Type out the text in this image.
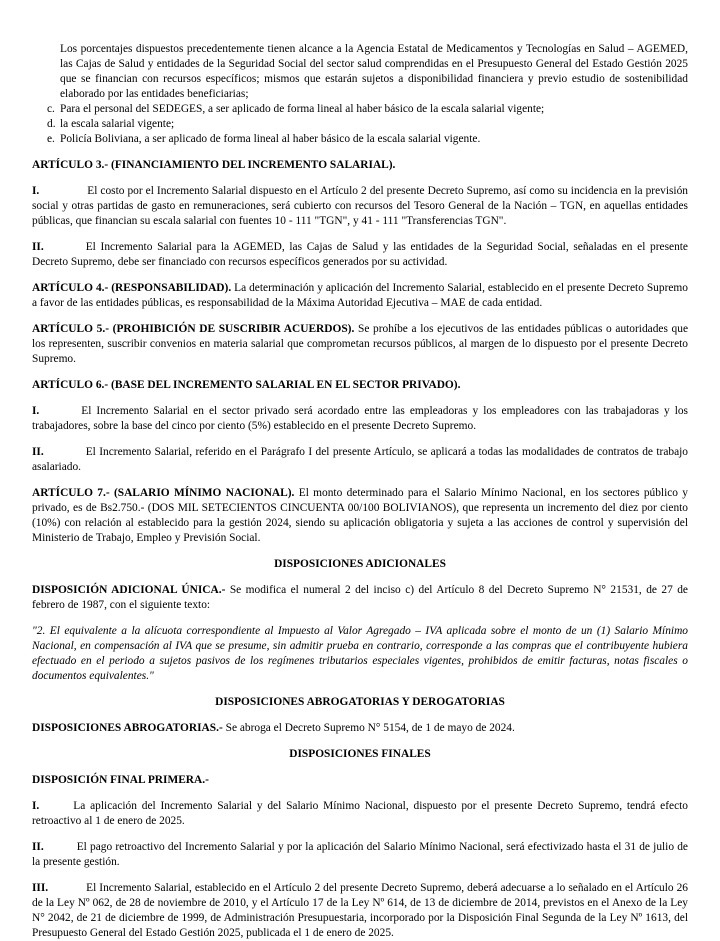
Los porcentajes dispuestos precedentemente tienen alcance a la Agencia Estatal de Medicamentos y Tecnologías en Salud – AGEMED, las Cajas de Salud y entidades de la Seguridad Social del sector salud comprendidas en el Presupuesto General del Estado Gestión 2025 que se financian con recursos específicos; mismos que estarán sujetos a disponibilidad financiera y previo estudio de sostenibilidad elaborado por las entidades beneficiarias;

c. Para el personal del SEDEGES, a ser aplicado de forma lineal al haber básico de la escala salarial vigente;
d. la escala salarial vigente;
e. Policía Boliviana, a ser aplicado de forma lineal al haber básico de la escala salarial vigente.

ARTÍCULO 3.- (FINANCIAMIENTO DEL INCREMENTO SALARIAL).

I.	El costo por el Incremento Salarial dispuesto en el Artículo 2 del presente Decreto Supremo, así como su incidencia en la previsión social y otras partidas de gasto en remuneraciones, será cubierto con recursos del Tesoro General de la Nación – TGN, en aquellas entidades públicas, que financian su escala salarial con fuentes 10 - 111 "TGN", y 41 - 111 "Transferencias TGN".

II.	El Incremento Salarial para la AGEMED, las Cajas de Salud y las entidades de la Seguridad Social, señaladas en el presente Decreto Supremo, debe ser financiado con recursos específicos generados por su actividad.

ARTÍCULO 4.- (RESPONSABILIDAD). La determinación y aplicación del Incremento Salarial, establecido en el presente Decreto Supremo a favor de las entidades públicas, es responsabilidad de la Máxima Autoridad Ejecutiva – MAE de cada entidad.

ARTÍCULO 5.- (PROHIBICIÓN DE SUSCRIBIR ACUERDOS). Se prohíbe a los ejecutivos de las entidades públicas o autoridades que los representen, suscribir convenios en materia salarial que comprometan recursos públicos, al margen de lo dispuesto por el presente Decreto Supremo.

ARTÍCULO 6.- (BASE DEL INCREMENTO SALARIAL EN EL SECTOR PRIVADO).

I.	El Incremento Salarial en el sector privado será acordado entre las empleadoras y los empleadores con las trabajadoras y los trabajadores, sobre la base del cinco por ciento (5%) establecido en el presente Decreto Supremo.

II.	El Incremento Salarial, referido en el Parágrafo I del presente Artículo, se aplicará a todas las modalidades de contratos de trabajo asalariado.

ARTÍCULO 7.- (SALARIO MÍNIMO NACIONAL). El monto determinado para el Salario Mínimo Nacional, en los sectores público y privado, es de Bs2.750.- (DOS MIL SETECIENTOS CINCUENTA 00/100 BOLIVIANOS), que representa un incremento del diez por ciento (10%) con relación al establecido para la gestión 2024, siendo su aplicación obligatoria y sujeta a las acciones de control y supervisión del Ministerio de Trabajo, Empleo y Previsión Social.

DISPOSICIONES ADICIONALES

DISPOSICIÓN ADICIONAL ÚNICA.- Se modifica el numeral 2 del inciso c) del Artículo 8 del Decreto Supremo N° 21531, de 27 de febrero de 1987, con el siguiente texto:

"2. El equivalente a la alícuota correspondiente al Impuesto al Valor Agregado – IVA aplicada sobre el monto de un (1) Salario Mínimo Nacional, en compensación al IVA que se presume, sin admitir prueba en contrario, corresponde a las compras que el contribuyente hubiera efectuado en el periodo a sujetos pasivos de los regímenes tributarios especiales vigentes, prohibidos de emitir facturas, notas fiscales o documentos equivalentes."

DISPOSICIONES ABROGATORIAS Y DEROGATORIAS

DISPOSICIONES ABROGATORIAS.- Se abroga el Decreto Supremo N° 5154, de 1 de mayo de 2024.

DISPOSICIONES FINALES

DISPOSICIÓN FINAL PRIMERA.-

I.	La aplicación del Incremento Salarial y del Salario Mínimo Nacional, dispuesto por el presente Decreto Supremo, tendrá efecto retroactivo al 1 de enero de 2025.

II.	El pago retroactivo del Incremento Salarial y por la aplicación del Salario Mínimo Nacional, será efectivizado hasta el 31 de julio de la presente gestión.

III.	El Incremento Salarial, establecido en el Artículo 2 del presente Decreto Supremo, deberá adecuarse a lo señalado en el Artículo 26 de la Ley Nº 062, de 28 de noviembre de 2010, y el Artículo 17 de la Ley Nº 614, de 13 de diciembre de 2014, previstos en el Anexo de la Ley N° 2042, de 21 de diciembre de 1999, de Administración Presupuestaria, incorporado por la Disposición Final Segunda de la Ley Nº 1613, del Presupuesto General del Estado Gestión 2025, publicada el 1 de enero de 2025.
